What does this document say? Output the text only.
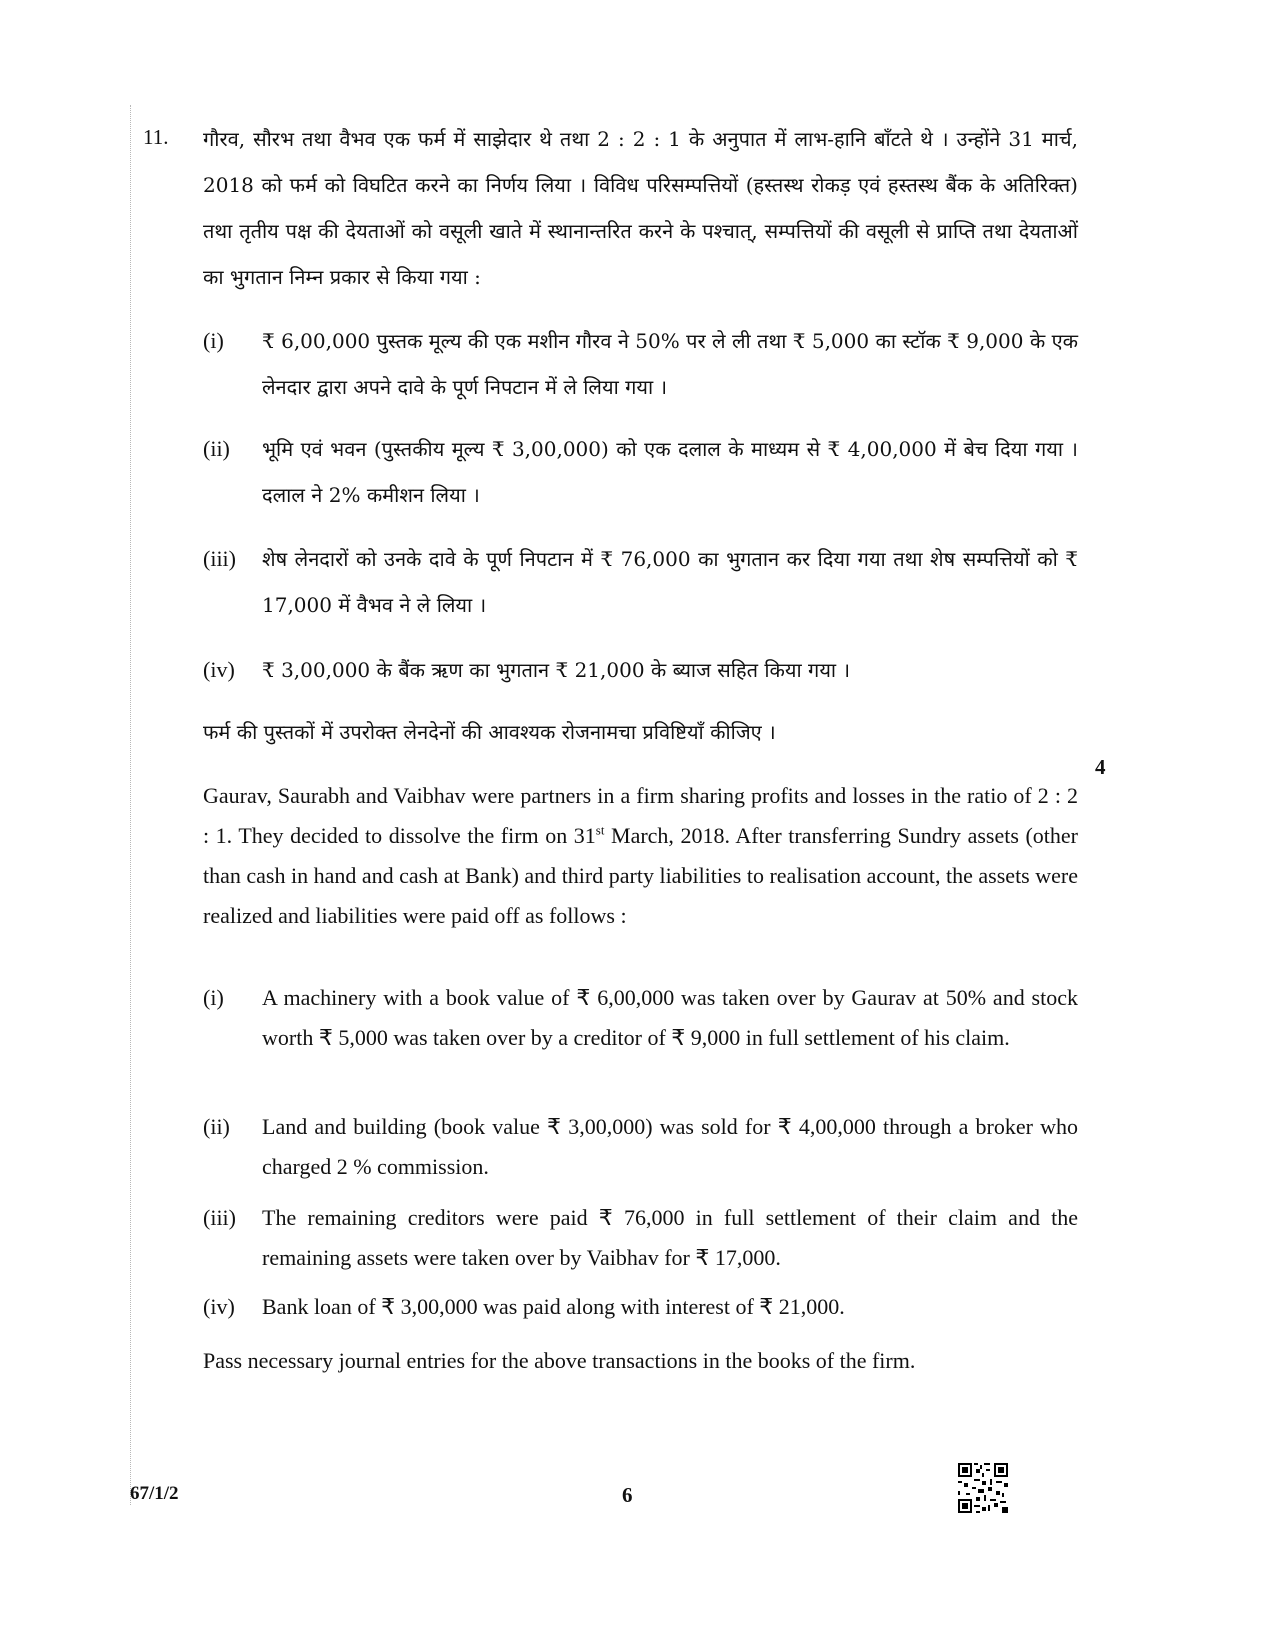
11. गौरव, सौरभ तथा वैभव एक फर्म में साझेदार थे तथा 2 : 2 : 1 के अनुपात में लाभ-हानि बाँटते थे । उन्होंने 31 मार्च, 2018 को फर्म को विघटित करने का निर्णय लिया । विविध परिसम्पत्तियों (हस्तस्थ रोकड़ एवं हस्तस्थ बैंक के अतिरिक्त) तथा तृतीय पक्ष की देयताओं को वसूली खाते में स्थानान्तरित करने के पश्चात्, सम्पत्तियों की वसूली से प्राप्ति तथा देयताओं का भुगतान निम्न प्रकार से किया गया :
(i) ₹ 6,00,000 पुस्तक मूल्य की एक मशीन गौरव ने 50% पर ले ली तथा ₹ 5,000 का स्टॉक ₹ 9,000 के एक लेनदार द्वारा अपने दावे के पूर्ण निपटान में ले लिया गया ।
(ii) भूमि एवं भवन (पुस्तकीय मूल्य ₹ 3,00,000) को एक दलाल के माध्यम से ₹ 4,00,000 में बेच दिया गया । दलाल ने 2% कमीशन लिया ।
(iii) शेष लेनदारों को उनके दावे के पूर्ण निपटान में ₹ 76,000 का भुगतान कर दिया गया तथा शेष सम्पत्तियों को ₹ 17,000 में वैभव ने ले लिया ।
(iv) ₹ 3,00,000 के बैंक ऋण का भुगतान ₹ 21,000 के ब्याज सहित किया गया ।
फर्म की पुस्तकों में उपरोक्त लेनदेनों की आवश्यक रोजनामचा प्रविष्टियाँ कीजिए ।
4
Gaurav, Saurabh and Vaibhav were partners in a firm sharing profits and losses in the ratio of 2 : 2 : 1. They decided to dissolve the firm on 31st March, 2018. After transferring Sundry assets (other than cash in hand and cash at Bank) and third party liabilities to realisation account, the assets were realized and liabilities were paid off as follows :
(i) A machinery with a book value of ₹ 6,00,000 was taken over by Gaurav at 50% and stock worth ₹ 5,000 was taken over by a creditor of ₹ 9,000 in full settlement of his claim.
(ii) Land and building (book value ₹ 3,00,000) was sold for ₹ 4,00,000 through a broker who charged 2 % commission.
(iii) The remaining creditors were paid ₹ 76,000 in full settlement of their claim and the remaining assets were taken over by Vaibhav for ₹ 17,000.
(iv) Bank loan of ₹ 3,00,000 was paid along with interest of ₹ 21,000.
Pass necessary journal entries for the above transactions in the books of the firm.
67/1/2	6
